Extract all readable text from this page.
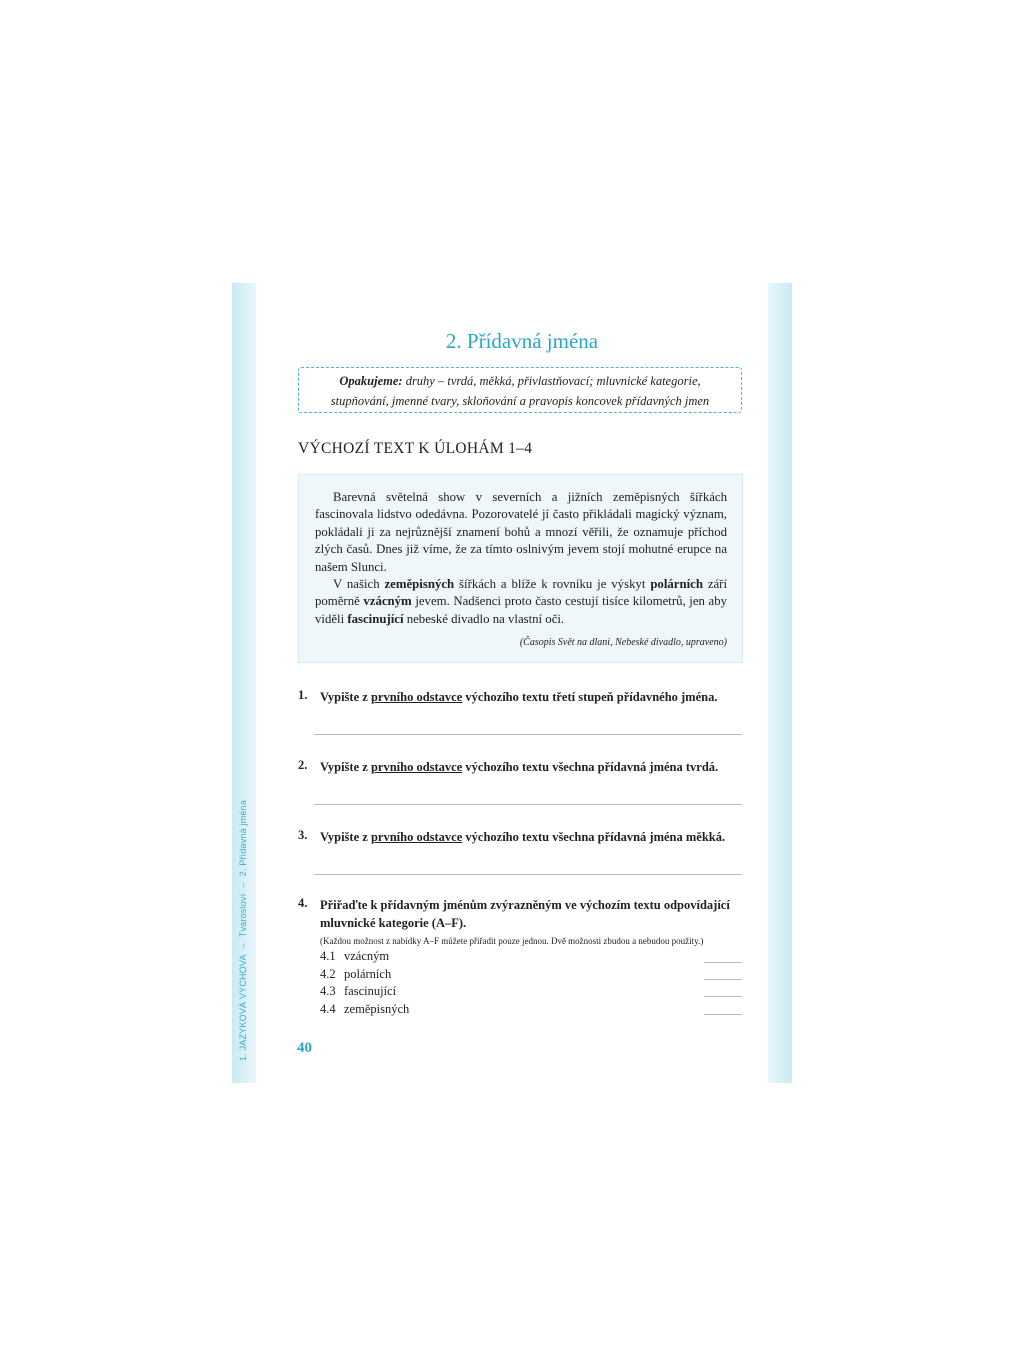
1. JAZYKOVÁ VÝCHOVA–Tvarosloví–2. Přídavná jména
2. Přídavná jména
Opakujeme: druhy – tvrdá, měkká, přivlastňovací; mluvnické kategorie,
stupňování, jmenné tvary, skloňování a pravopis koncovek přídavných jmen
VÝCHOZÍ TEXT K ÚLOHÁM 1–4

Barevná světelná show v severních a jižních zeměpisných šířkách fascinovala lidstvo odedávna. Pozorovatelé jí často přikládali magický význam, pokládali ji za nejrůznější znamení bohů a mnozí věřili, že oznamuje příchod zlých časů. Dnes již víme, že za tímto oslnivým jevem stojí mohutné erupce na našem Slunci.

V našich zeměpisných šířkách a blíže k rovníku je výskyt polárních září poměrně vzácným jevem. Nadšenci proto často cestují tisíce kilometrů, jen aby viděli fascinující nebeské divadlo na vlastní oči.

(Časopis Svět na dlani, Nebeské divadlo, upraveno)

1. Vypište z prvního odstavce výchozího textu třetí stupeň přídavného jména.
2. Vypište z prvního odstavce výchozího textu všechna přídavná jména tvrdá.
3. Vypište z prvního odstavce výchozího textu všechna přídavná jména měkká.
4. Přiřaďte k přídavným jménům zvýrazněným ve výchozím textu odpovídající mluvnické kategorie (A–F).
(Každou možnost z nabídky A–F můžete přiřadit pouze jednou. Dvě možnosti zbudou a nebudou použity.)
4.1 vzácným
4.2 polárních
4.3 fascinující
4.4 zeměpisných
40
